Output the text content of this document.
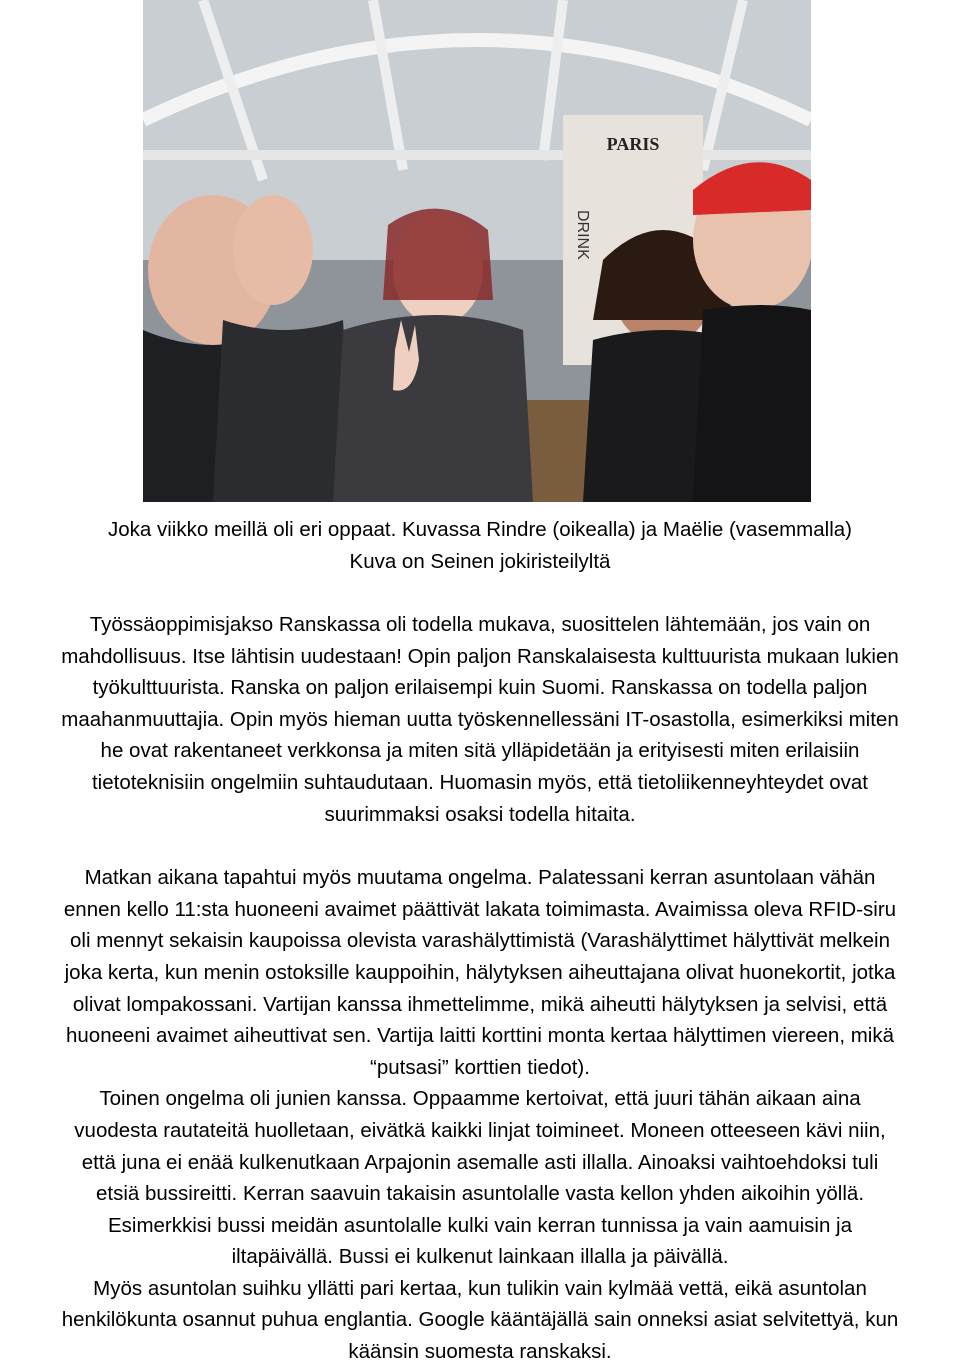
PARIS
DRINK
Joka viikko meillä oli eri oppaat. Kuvassa Rindre (oikealla) ja Maëlie (vasemmalla)
Kuva on Seinen jokiristeilyltä

Työssäoppimisjakso Ranskassa oli todella mukava, suosittelen lähtemään, jos vain on
mahdollisuus. Itse lähtisin uudestaan! Opin paljon Ranskalaisesta kulttuurista mukaan lukien
työkulttuurista. Ranska on paljon erilaisempi kuin Suomi. Ranskassa on todella paljon
maahanmuuttajia. Opin myös hieman uutta työskennellessäni IT-osastolla, esimerkiksi miten
he ovat rakentaneet verkkonsa ja miten sitä ylläpidetään ja erityisesti miten erilaisiin
tietoteknisiin ongelmiin suhtaudutaan. Huomasin myös, että tietoliikenneyhteydet ovat
suurimmaksi osaksi todella hitaita.

Matkan aikana tapahtui myös muutama ongelma. Palatessani kerran asuntolaan vähän
ennen kello 11:sta huoneeni avaimet päättivät lakata toimimasta. Avaimissa oleva RFID-siru
oli mennyt sekaisin kaupoissa olevista varashälyttimistä (Varashälyttimet hälyttivät melkein
joka kerta, kun menin ostoksille kauppoihin, hälytyksen aiheuttajana olivat huonekortit, jotka
olivat lompakossani. Vartijan kanssa ihmettelimme, mikä aiheutti hälytyksen ja selvisi, että
huoneeni avaimet aiheuttivat sen. Vartija laitti korttini monta kertaa hälyttimen viereen, mikä
“putsasi” korttien tiedot).
Toinen ongelma oli junien kanssa. Oppaamme kertoivat, että juuri tähän aikaan aina
vuodesta rautateitä huolletaan, eivätkä kaikki linjat toimineet. Moneen otteeseen kävi niin,
että juna ei enää kulkenutkaan Arpajonin asemalle asti illalla. Ainoaksi vaihtoehdoksi tuli
etsiä bussireitti. Kerran saavuin takaisin asuntolalle vasta kellon yhden aikoihin yöllä.
Esimerkkisi bussi meidän asuntolalle kulki vain kerran tunnissa ja vain aamuisin ja
iltapäivällä. Bussi ei kulkenut lainkaan illalla ja päivällä.
Myös asuntolan suihku yllätti pari kertaa, kun tulikin vain kylmää vettä, eikä asuntolan
henkilökunta osannut puhua englantia. Google kääntäjällä sain onneksi asiat selvitettyä, kun
käänsin suomesta ranskaksi.
